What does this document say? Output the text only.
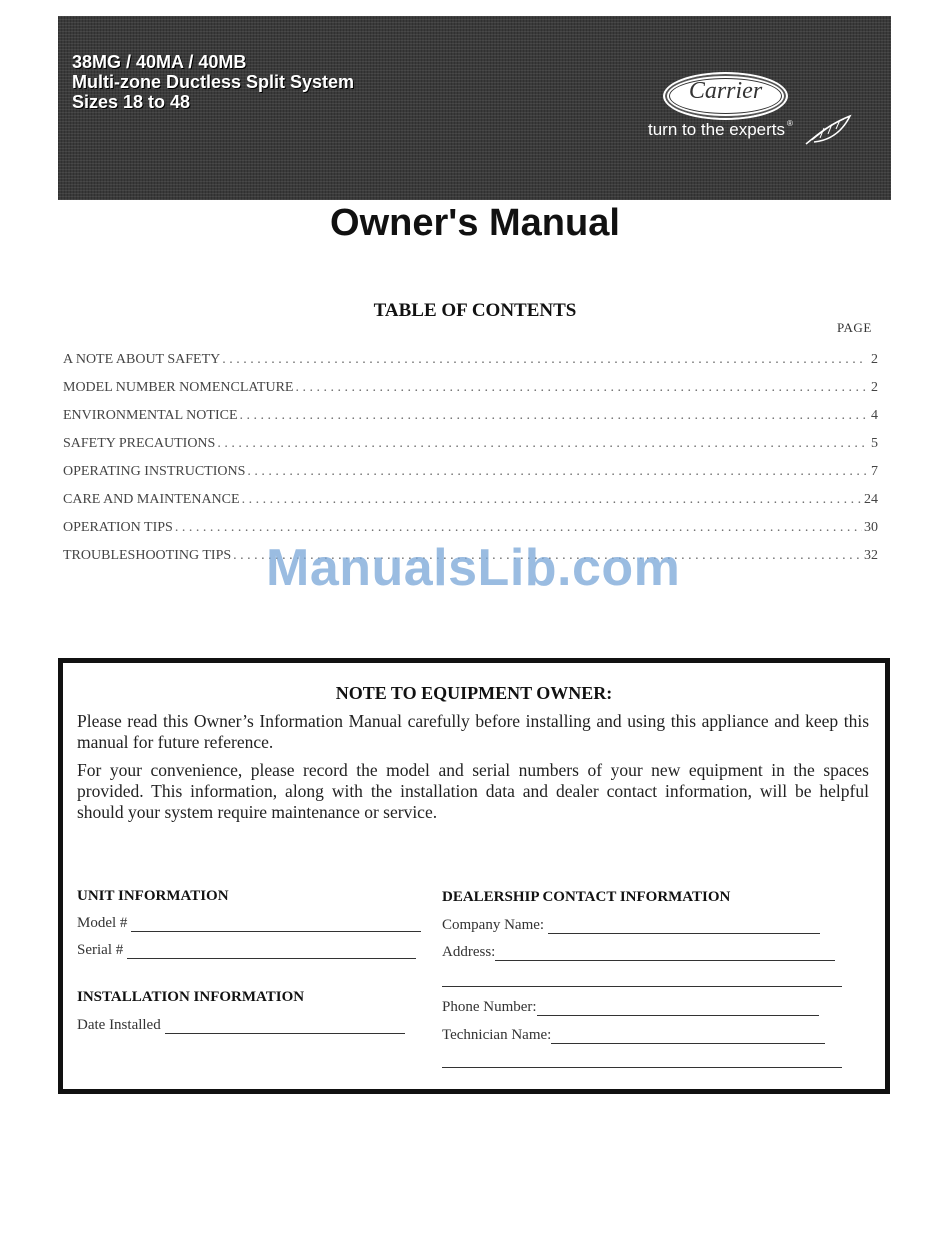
38MG / 40MA / 40MB
Multi-zone Ductless Split System
Sizes 18 to 48	Carrier
®
turn to the experts
Owner's Manual
TABLE OF CONTENTS
PAGE
A NOTE ABOUT SAFETY . . .	2
MODEL NUMBER NOMENCLATURE . . .	2
ENVIRONMENTAL NOTICE . . .	4
SAFETY PRECAUTIONS . . .	5
OPERATING INSTRUCTIONS . . .	7
CARE AND MAINTENANCE . . .	24
OPERATION TIPS . . .	30
TROUBLESHOOTING TIPS . . .	32
ManualsLib.com
NOTE TO EQUIPMENT OWNER:
Please read this Owner’s Information Manual carefully before installing and using this appliance and keep this manual for future reference.
For your convenience, please record the model and serial numbers of your new equipment in the spaces provided. This information, along with the installation data and dealer contact information, will be helpful should your system require maintenance or service.
UNIT INFORMATION
Model #
Serial #
INSTALLATION INFORMATION
Date Installed
DEALERSHIP CONTACT INFORMATION
Company Name:
Address:
Phone Number:
Technician Name:
